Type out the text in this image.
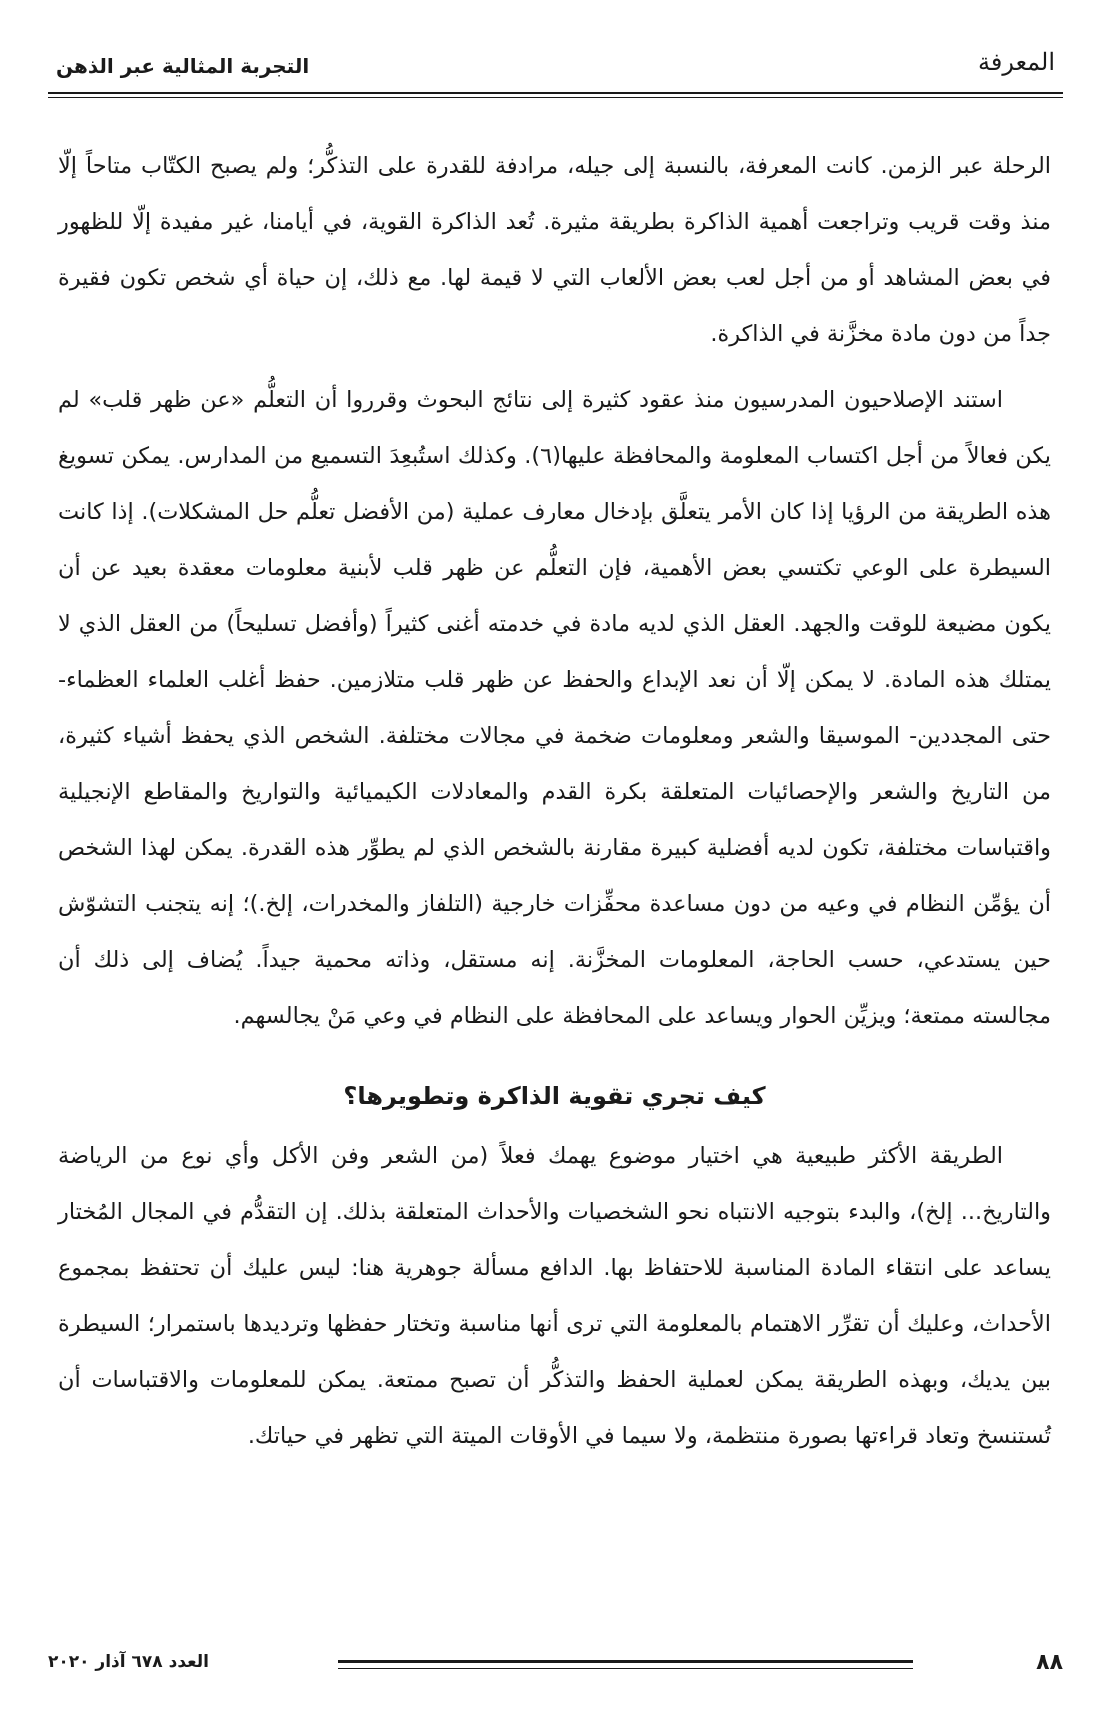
المعرفة
التجربة المثالية عبر الذهن

الرحلة عبر الزمن. كانت المعرفة، بالنسبة إلى جيله، مرادفة للقدرة على التذكُّر؛ ولم يصبح الكتّاب متاحاً إلّا منذ وقت قريب وتراجعت أهمية الذاكرة بطريقة مثيرة. تُعد الذاكرة القوية، في أيامنا، غير مفيدة إلّا للظهور في بعض المشاهد أو من أجل لعب بعض الألعاب التي لا قيمة لها. مع ذلك، إن حياة أي شخص تكون فقيرة جداً من دون مادة مخزَّنة في الذاكرة.

استند الإصلاحيون المدرسيون منذ عقود كثيرة إلى نتائج البحوث وقرروا أن التعلُّم «عن ظهر قلب» لم يكن فعالاً من أجل اكتساب المعلومة والمحافظة عليها(٦). وكذلك استُبعِدَ التسميع من المدارس. يمكن تسويغ هذه الطريقة من الرؤيا إذا كان الأمر يتعلَّق بإدخال معارف عملية (من الأفضل تعلُّم حل المشكلات). إذا كانت السيطرة على الوعي تكتسي بعض الأهمية، فإن التعلُّم عن ظهر قلب لأبنية معلومات معقدة بعيد عن أن يكون مضيعة للوقت والجهد. العقل الذي لديه مادة في خدمته أغنى كثيراً (وأفضل تسليحاً) من العقل الذي لا يمتلك هذه المادة. لا يمكن إلّا أن نعد الإبداع والحفظ عن ظهر قلب متلازمين. حفظ أغلب العلماء العظماء- حتى المجددين- الموسيقا والشعر ومعلومات ضخمة في مجالات مختلفة. الشخص الذي يحفظ أشياء كثيرة، من التاريخ والشعر والإحصائيات المتعلقة بكرة القدم والمعادلات الكيميائية والتواريخ والمقاطع الإنجيلية واقتباسات مختلفة، تكون لديه أفضلية كبيرة مقارنة بالشخص الذي لم يطوِّر هذه القدرة. يمكن لهذا الشخص أن يؤمِّن النظام في وعيه من دون مساعدة محفِّزات خارجية (التلفاز والمخدرات، إلخ.)؛ إنه يتجنب التشوّش حين يستدعي، حسب الحاجة، المعلومات المخزَّنة. إنه مستقل، وذاته محمية جيداً. يُضاف إلى ذلك أن مجالسته ممتعة؛ ويزيِّن الحوار ويساعد على المحافظة على النظام في وعي مَنْ يجالسهم.

كيف تجري تقوية الذاكرة وتطويرها؟

الطريقة الأكثر طبيعية هي اختيار موضوع يهمك فعلاً (من الشعر وفن الأكل وأي نوع من الرياضة والتاريخ... إلخ)، والبدء بتوجيه الانتباه نحو الشخصيات والأحداث المتعلقة بذلك. إن التقدُّم في المجال المُختار يساعد على انتقاء المادة المناسبة للاحتفاظ بها. الدافع مسألة جوهرية هنا: ليس عليك أن تحتفظ بمجموع الأحداث، وعليك أن تقرِّر الاهتمام بالمعلومة التي ترى أنها مناسبة وتختار حفظها وترديدها باستمرار؛ السيطرة بين يديك، وبهذه الطريقة يمكن لعملية الحفظ والتذكُّر أن تصبح ممتعة. يمكن للمعلومات والاقتباسات أن تُستنسخ وتعاد قراءتها بصورة منتظمة، ولا سيما في الأوقات الميتة التي تظهر في حياتك.

٨٨
العدد ٦٧٨ آذار ٢٠٢٠
